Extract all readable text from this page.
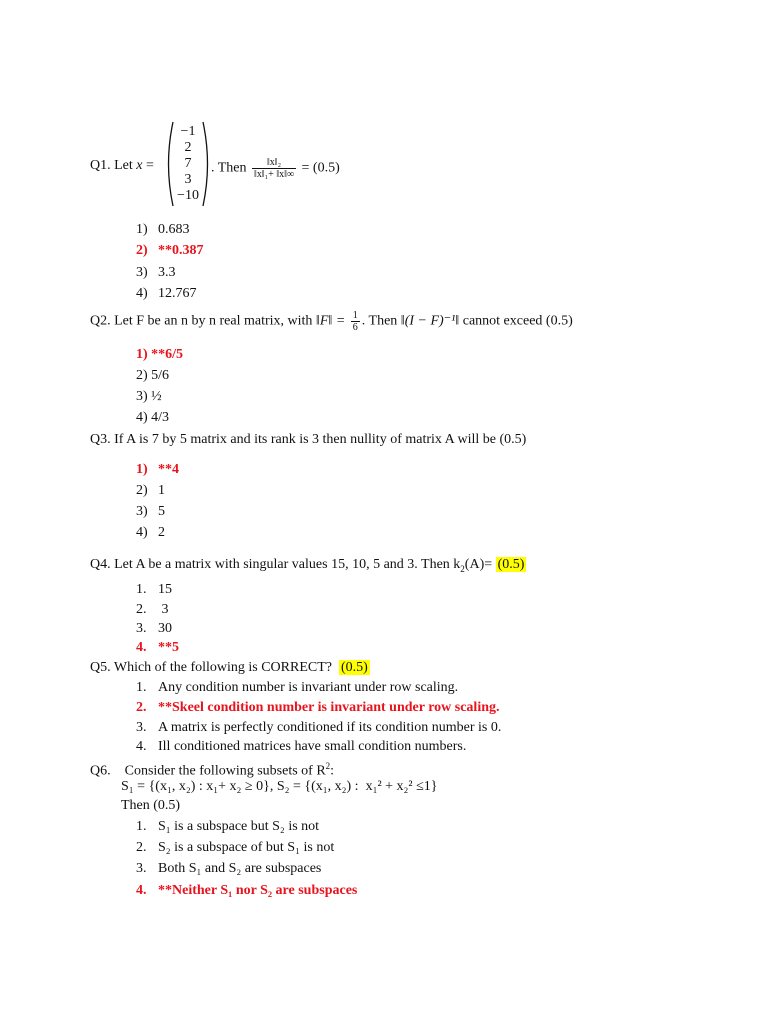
Q1. Let x =
−1
2
7
3
−10
. Then $\frac{\text{‖x‖₂}}{\text{‖x‖₁+ ‖x‖∞}} = (0.5)$
1) 0.683
2) **0.387
3) 3.3
4) 12.767
Q2. Let F be an n by n real matrix, with ‖F‖ = $\frac{1}{6}$ . Then ‖(I − F)⁻¹‖ cannot exceed (0.5)
1) **6/5
2) 5/6
3) ½
4) 4/3
Q3. If A is 7 by 5 matrix and its rank is 3 then nullity of matrix A will be (0.5)
1) **4
2) 1
3) 5
4) 2
Q4. Let A be a matrix with singular values 15, 10, 5 and 3. Then $k_2(A)= (0.5)$
1. 15
2. 3
3. 30
4. **5
Q5. Which of the following is CORRECT?  (0.5)
1. Any condition number is invariant under row scaling.
2. **Skeel condition number is invariant under row scaling.
3. A matrix is perfectly conditioned if its condition number is 0.
4. Ill conditioned matrices have small condition numbers.
Q6.    Consider the following subsets of $R^2$:
S₁ = {(x₁, x₂) : x₁+ x₂ ≥ 0}, S₂ = {(x₁, x₂) :  x₁² + x₂² ≤1}
Then (0.5)
1. S₁ is a subspace but S₂ is not
2. S₂ is a subspace of but S₁ is not
3. Both S₁ and S₂ are subspaces
4. **Neither S₁ nor S₂ are subspaces
